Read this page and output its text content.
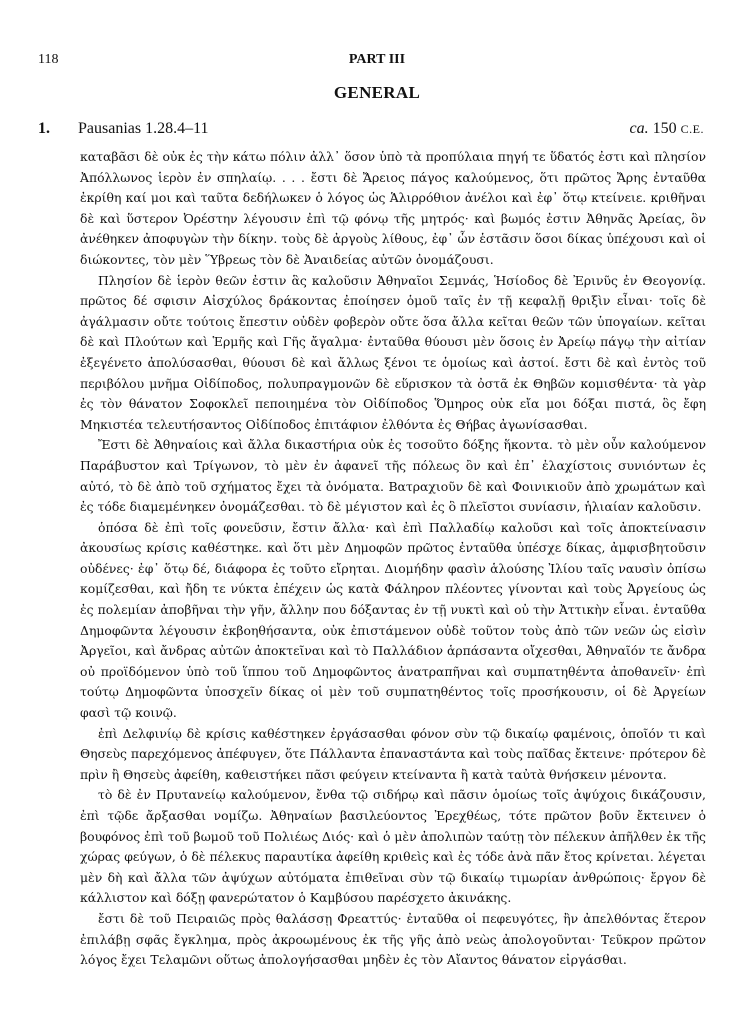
118	PART III
GENERAL
1. Pausanias 1.28.4–11	ca. 150 C.E.

καταβᾶσι δὲ οὐκ ἐς τὴν κάτω πόλιν ἀλλ᾽ ὅσον ὑπὸ τὰ προπύλαια πηγή τε ὕδατός ἐστι καὶ πλησίον Ἀπόλλωνος ἱερὸν ἐν σπηλαίῳ. . . . ἔστι δὲ Ἄρειος πάγος καλούμενος, ὅτι πρῶτος Ἄρης ἐνταῦθα ἐκρίθη καί μοι καὶ ταῦτα δεδήλωκεν ὁ λόγος ὡς Ἁλιρρόθιον ἀνέλοι καὶ ἐφ᾽ ὅτῳ κτείνειε. κριθῆναι δὲ καὶ ὕστερον Ὀρέστην λέγουσιν ἐπὶ τῷ φόνῳ τῆς μητρός· καὶ βωμός ἐστιν Ἀθηνᾶς Ἀρείας, ὃν ἀνέθηκεν ἀποφυγὼν τὴν δίκην. τοὺς δὲ ἀργοὺς λίθους, ἐφ᾽ ὧν ἑστᾶσιν ὅσοι δίκας ὑπέχουσι καὶ οἱ διώκοντες, τὸν μὲν Ὕβρεως τὸν δὲ Ἀναιδείας αὐτῶν ὀνομάζουσι.

Πλησίον δὲ ἱερὸν θεῶν ἐστιν ἃς καλοῦσιν Ἀθηναῖοι Σεμνάς, Ἡσίοδος δὲ Ἐρινῦς ἐν Θεογονίᾳ. πρῶτος δέ σφισιν Αἰσχύλος δράκοντας ἐποίησεν ὁμοῦ ταῖς ἐν τῇ κεφαλῇ θριξὶν εἶναι· τοῖς δὲ ἀγάλμασιν οὔτε τούτοις ἔπεστιν οὐδὲν φοβερὸν οὔτε ὅσα ἄλλα κεῖται θεῶν τῶν ὑπογαίων. κεῖται δὲ καὶ Πλούτων καὶ Ἑρμῆς καὶ Γῆς ἄγαλμα· ἐνταῦθα θύουσι μὲν ὅσοις ἐν Ἀρείῳ πάγῳ τὴν αἰτίαν ἐξεγένετο ἀπολύσασθαι, θύουσι δὲ καὶ ἄλλως ξένοι τε ὁμοίως καὶ ἀστοί. ἔστι δὲ καὶ ἐντὸς τοῦ περιβόλου μνῆμα Οἰδίποδος, πολυπραγμονῶν δὲ εὕρισκον τὰ ὀστᾶ ἐκ Θηβῶν κομισθέντα· τὰ γὰρ ἐς τὸν θάνατον Σοφοκλεῖ πεποιημένα τὸν Οἰδίποδος Ὅμηρος οὐκ εἴα μοι δόξαι πιστά, ὃς ἔφη Μηκιστέα τελευτήσαντος Οἰδίποδος ἐπιτάφιον ἐλθόντα ἐς Θήβας ἀγωνίσασθαι.

Ἔστι δὲ Ἀθηναίοις καὶ ἄλλα δικαστήρια οὐκ ἐς τοσοῦτο δόξης ἥκοντα. τὸ μὲν οὖν καλούμενον Παράβυστον καὶ Τρίγωνον, τὸ μὲν ἐν ἀφανεῖ τῆς πόλεως ὂν καὶ ἐπ᾽ ἐλαχίστοις συνιόντων ἐς αὐτό, τὸ δὲ ἀπὸ τοῦ σχήματος ἔχει τὰ ὀνόματα. Βατραχιοῦν δὲ καὶ Φοινικιοῦν ἀπὸ χρωμάτων καὶ ἐς τόδε διαμεμένηκεν ὀνομάζεσθαι. τὸ δὲ μέγιστον καὶ ἐς ὃ πλεῖστοι συνίασιν, ἡλιαίαν καλοῦσιν.

ὁπόσα δὲ ἐπὶ τοῖς φονεῦσιν, ἔστιν ἄλλα· καὶ ἐπὶ Παλλαδίῳ καλοῦσι καὶ τοῖς ἀποκτείνασιν ἀκουσίως κρίσις καθέστηκε. καὶ ὅτι μὲν Δημοφῶν πρῶτος ἐνταῦθα ὑπέσχε δίκας, ἀμφισβητοῦσιν οὐδένες· ἐφ᾽ ὅτῳ δέ, διάφορα ἐς τοῦτο εἴρηται. Διομήδην φασὶν ἁλούσης Ἰλίου ταῖς ναυσὶν ὀπίσω κομίζεσθαι, καὶ ἤδη τε νύκτα ἐπέχειν ὡς κατὰ Φάληρον πλέοντες γίνονται καὶ τοὺς Ἀργείους ὡς ἐς πολεμίαν ἀποβῆναι τὴν γῆν, ἄλλην που δόξαντας ἐν τῇ νυκτὶ καὶ οὐ τὴν Ἀττικὴν εἶναι. ἐνταῦθα Δημοφῶντα λέγουσιν ἐκβοηθήσαντα, οὐκ ἐπιστάμενον οὐδὲ τοῦτον τοὺς ἀπὸ τῶν νεῶν ὡς εἰσὶν Ἀργεῖοι, καὶ ἄνδρας αὐτῶν ἀποκτεῖναι καὶ τὸ Παλλάδιον ἁρπάσαντα οἴχεσθαι, Ἀθηναῖόν τε ἄνδρα οὐ προϊδόμενον ὑπὸ τοῦ ἵππου τοῦ Δημοφῶντος ἀνατραπῆναι καὶ συμπατηθέντα ἀποθανεῖν· ἐπὶ τούτῳ Δημοφῶντα ὑποσχεῖν δίκας οἱ μὲν τοῦ συμπατηθέντος τοῖς προσήκουσιν, οἱ δὲ Ἀργείων φασὶ τῷ κοινῷ.

ἐπὶ Δελφινίῳ δὲ κρίσις καθέστηκεν ἐργάσασθαι φόνον σὺν τῷ δικαίῳ φαμένοις, ὁποῖόν τι καὶ Θησεὺς παρεχόμενος ἀπέφυγεν, ὅτε Πάλλαντα ἐπαναστάντα καὶ τοὺς παῖδας ἔκτεινε· πρότερον δὲ πρὶν ἢ Θησεὺς ἀφείθη, καθειστήκει πᾶσι φεύγειν κτείναντα ἢ κατὰ ταὐτὰ θνήσκειν μένοντα.

τὸ δὲ ἐν Πρυτανείῳ καλούμενον, ἔνθα τῷ σιδήρῳ καὶ πᾶσιν ὁμοίως τοῖς ἀψύχοις δικάζουσιν, ἐπὶ τῷδε ἄρξασθαι νομίζω. Ἀθηναίων βασιλεύοντος Ἐρεχθέως, τότε πρῶτον βοῦν ἔκτεινεν ὁ βουφόνος ἐπὶ τοῦ βωμοῦ τοῦ Πολιέως Διός· καὶ ὁ μὲν ἀπολιπὼν ταύτῃ τὸν πέλεκυν ἀπῆλθεν ἐκ τῆς χώρας φεύγων, ὁ δὲ πέλεκυς παραυτίκα ἀφείθη κριθεὶς καὶ ἐς τόδε ἀνὰ πᾶν ἔτος κρίνεται. λέγεται μὲν δὴ καὶ ἄλλα τῶν ἀψύχων αὐτόματα ἐπιθεῖναι σὺν τῷ δικαίῳ τιμωρίαν ἀνθρώποις· ἔργον δὲ κάλλιστον καὶ δόξῃ φανερώτατον ὁ Καμβύσου παρέσχετο ἀκινάκης.

ἔστι δὲ τοῦ Πειραιῶς πρὸς θαλάσσῃ Φρεαττύς· ἐνταῦθα οἱ πεφευγότες, ἢν ἀπελθόντας ἕτερον ἐπιλάβῃ σφᾶς ἔγκλημα, πρὸς ἀκροωμένους ἐκ τῆς γῆς ἀπὸ νεὼς ἀπολογοῦνται· Τεῦκρον πρῶτον λόγος ἔχει Τελαμῶνι οὕτως ἀπολογήσασθαι μηδὲν ἐς τὸν Αἴαντος θάνατον εἰργάσθαι.
